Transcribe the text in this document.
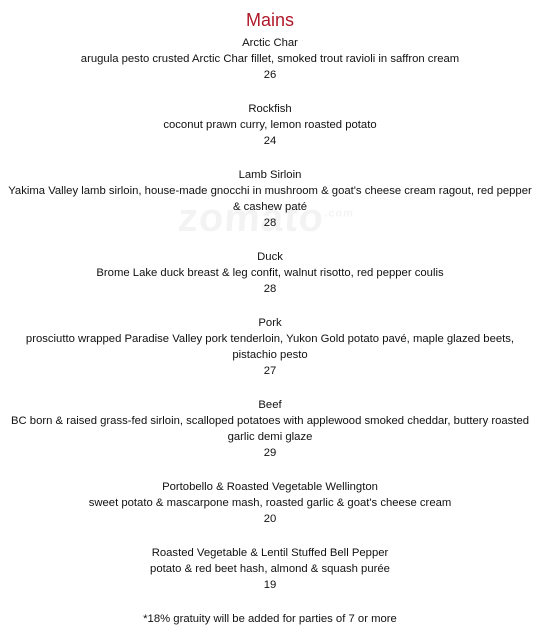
Mains
Arctic Char
arugula pesto crusted Arctic Char fillet, smoked trout ravioli in saffron cream
26
Rockfish
coconut prawn curry, lemon roasted potato
24
Lamb Sirloin
Yakima Valley lamb sirloin, house-made gnocchi in mushroom & goat's cheese cream ragout, red pepper & cashew paté
28
Duck
Brome Lake duck breast & leg confit, walnut risotto, red pepper coulis
28
Pork
prosciutto wrapped Paradise Valley pork tenderloin, Yukon Gold potato pavé, maple glazed beets, pistachio pesto
27
Beef
BC born & raised grass-fed sirloin, scalloped potatoes with applewood smoked cheddar, buttery roasted garlic demi glaze
29
Portobello & Roasted Vegetable Wellington
sweet potato & mascarpone mash, roasted garlic & goat's cheese cream
20
Roasted Vegetable & Lentil Stuffed Bell Pepper
potato & red beet hash, almond & squash purée
19
*18% gratuity will be added for parties of 7 or more
